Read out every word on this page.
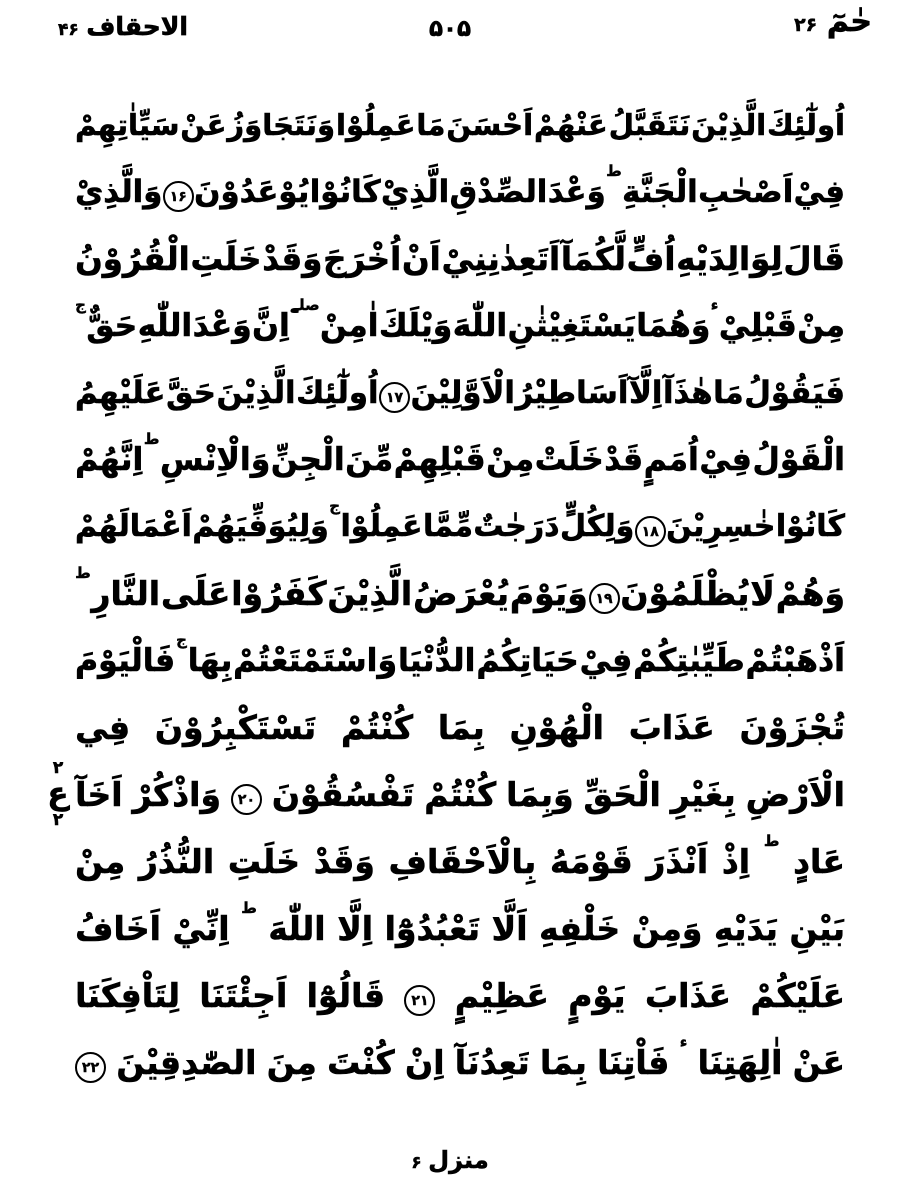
حٰمٓ ۲۶
۵۰۵
الاحقاف ۴۶
اُولٰٓئِكَ
الَّذِيْنَ
نَتَقَبَّلُ
عَنْهُمْ
اَحْسَنَ
مَا
عَمِلُوْا
وَنَتَجَاوَزُ
عَنْ
سَيِّاٰتِهِمْ
فِيْ
اَصْحٰبِ
الْجَنَّةِ
ط
وَعْدَ
الصِّدْقِ
الَّذِيْ
كَانُوْا
يُوْعَدُوْنَ
۱۶
وَالَّذِيْ
قَالَ
لِوَالِدَيْهِ
اُفٍّ
لَّكُمَآ
اَتَعِدٰنِنِيْ
اَنْ
اُخْرَجَ
وَقَدْ
خَلَتِ
الْقُرُوْنُ
مِنْ
قَبْلِيْ
ء
وَهُمَا
يَسْتَغِيْثٰنِ
اللّٰهَ
وَيْلَكَ
اٰمِنْ
صلے
اِنَّ
وَعْدَ
اللّٰهِ
حَقٌّ
ج
فَيَقُوْلُ
مَا
هٰذَآ
اِلَّآ
اَسَاطِيْرُ
الْاَوَّلِيْنَ
۱۷
اُولٰٓئِكَ
الَّذِيْنَ
حَقَّ
عَلَيْهِمُ
الْقَوْلُ
فِيْ
اُمَمٍ
قَدْ
خَلَتْ
مِنْ
قَبْلِهِمْ
مِّنَ
الْجِنِّ
وَالْاِنْسِ
ط
اِنَّهُمْ
كَانُوْا
خٰسِرِيْنَ
۱۸
وَلِكُلٍّ
دَرَجٰتٌ
مِّمَّا
عَمِلُوْا
ج
وَلِيُوَفِّيَهُمْ
اَعْمَالَهُمْ
وَهُمْ
لَا
يُظْلَمُوْنَ
۱۹
وَيَوْمَ
يُعْرَضُ
الَّذِيْنَ
كَفَرُوْا
عَلَى
النَّارِ
ط
اَذْهَبْتُمْ
طَيِّبٰتِكُمْ
فِيْ
حَيَاتِكُمُ
الدُّنْيَا
وَاسْتَمْتَعْتُمْ
بِهَا
ج
فَالْيَوْمَ
تُجْزَوْنَ
عَذَابَ
الْهُوْنِ
بِمَا
كُنْتُمْ
تَسْتَكْبِرُوْنَ
فِي
الْاَرْضِ
بِغَيْرِ
الْحَقِّ
وَبِمَا
كُنْتُمْ
تَفْسُقُوْنَ
۲۰
وَاذْكُرْ
اَخَآ
عَادٍ
ط
اِذْ
اَنْذَرَ
قَوْمَهُ
بِالْاَحْقَافِ
وَقَدْ
خَلَتِ
النُّذُرُ
مِنْ
بَيْنِ
يَدَيْهِ
وَمِنْ
خَلْفِهِ
اَلَّا
تَعْبُدُوْٓا
اِلَّا
اللّٰهَ
ط
اِنِّيْ
اَخَافُ
عَلَيْكُمْ
عَذَابَ
يَوْمٍ
عَظِيْمٍ
۲۱
قَالُوْٓا
اَجِئْتَنَا
لِتَاْفِكَنَا
عَنْ
اٰلِهَتِنَا
ء
فَاْتِنَا
بِمَا
تَعِدُنَآ
اِنْ
كُنْتَ
مِنَ
الصّٰدِقِيْنَ
۲۲
۲
ع
۲
منزل ۶
